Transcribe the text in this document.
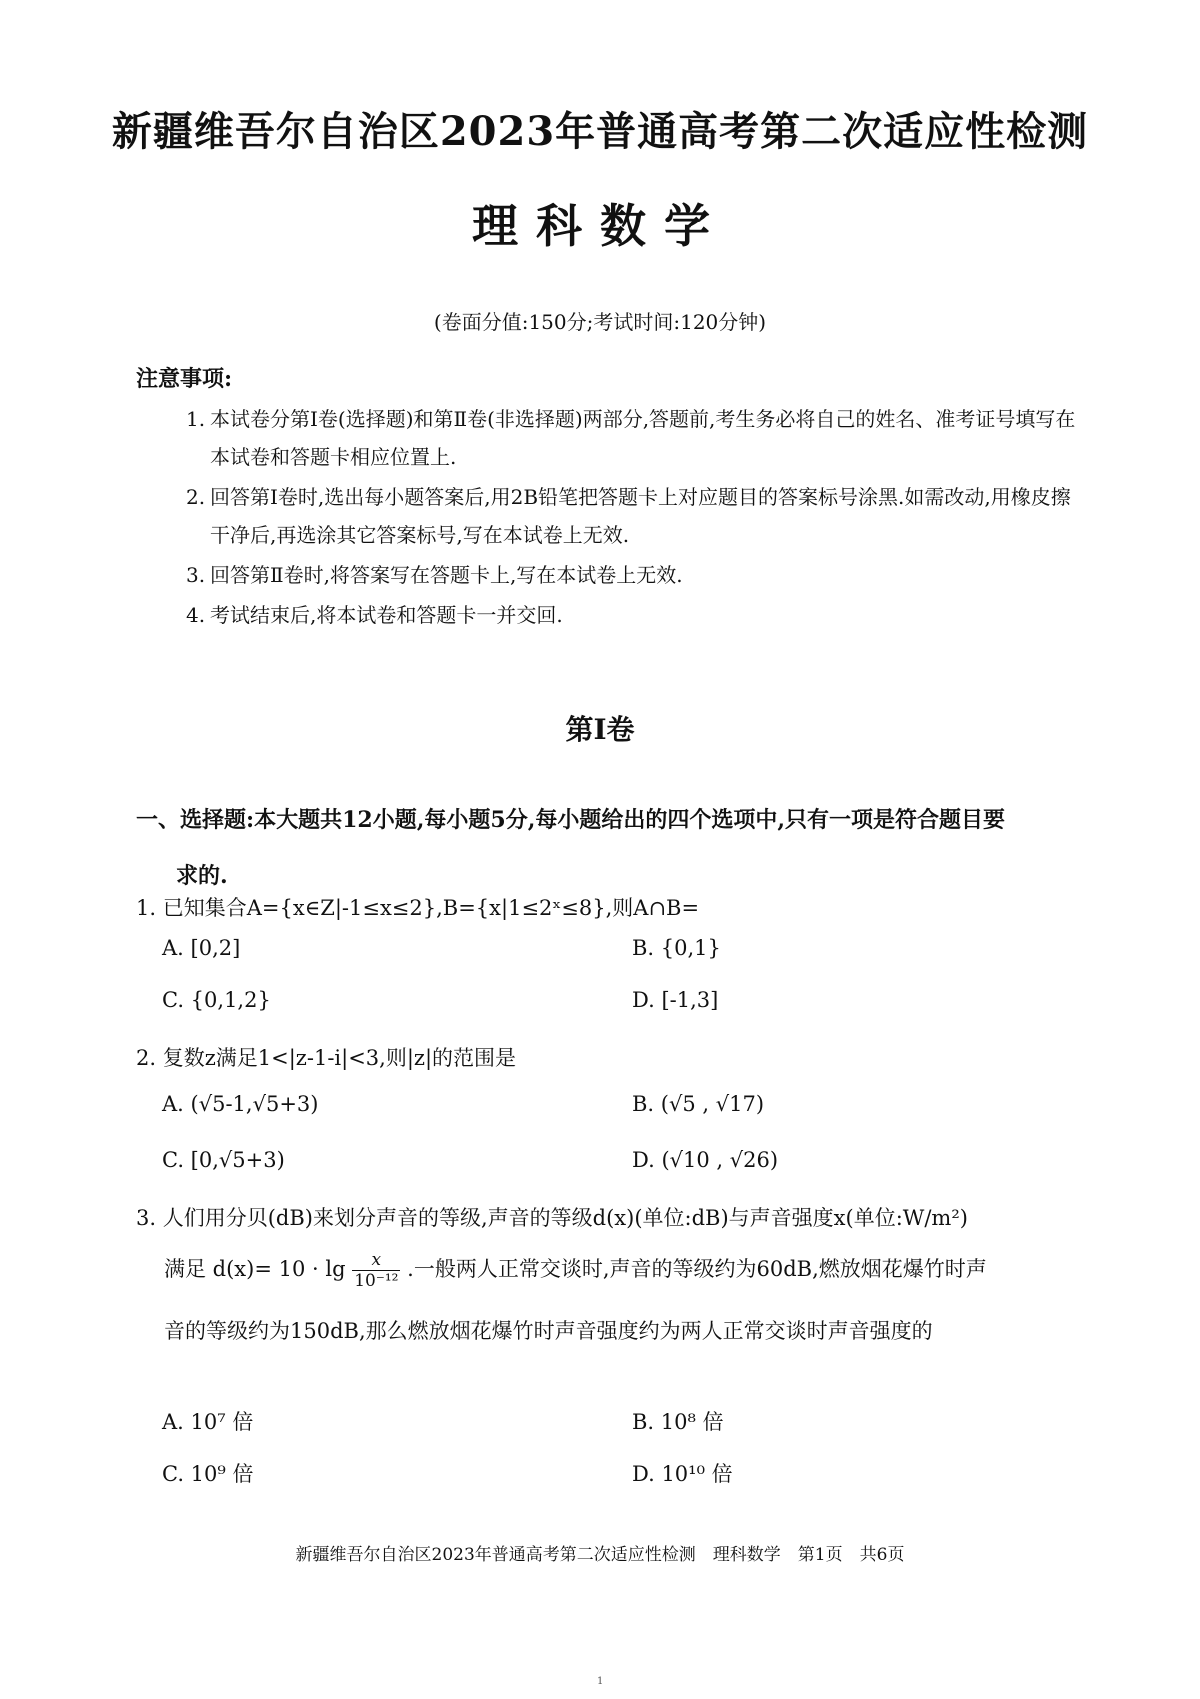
新疆维吾尔自治区2023年普通高考第二次适应性检测
理科数学
(卷面分值:150分;考试时间:120分钟)
注意事项:
1. 本试卷分第Ⅰ卷(选择题)和第Ⅱ卷(非选择题)两部分,答题前,考生务必将自己的姓名、准考证号填写在本试卷和答题卡相应位置上.
2. 回答第Ⅰ卷时,选出每小题答案后,用2B铅笔把答题卡上对应题目的答案标号涂黑.如需改动,用橡皮擦干净后,再选涂其它答案标号,写在本试卷上无效.
3. 回答第Ⅱ卷时,将答案写在答题卡上,写在本试卷上无效.
4. 考试结束后,将本试卷和答题卡一并交回.
第Ⅰ卷
一、选择题:本大题共12小题,每小题5分,每小题给出的四个选项中,只有一项是符合题目要
求的.
1. 已知集合A={x∈Z|-1≤x≤2},B={x|1≤2ˣ≤8},则A∩B=
A. [0,2]	B. {0,1}
C. {0,1,2}	D. [-1,3]
2. 复数z满足1<|z-1-i|<3,则|z|的范围是
A. (√5-1,√5+3)	B. (√5 , √17)
C. [0,√5+3)	D. (√10 , √26)
3. 人们用分贝(dB)来划分声音的等级,声音的等级d(x)(单位:dB)与声音强度x(单位:W/m²)
满足 $d(x)= 10 \cdot \lg \frac{x}{\text{10⁻¹²}}$ .一般两人正常交谈时,声音的等级约为60dB,燃放烟花爆竹时声
音的等级约为150dB,那么燃放烟花爆竹时声音强度约为两人正常交谈时声音强度的
A. 10⁷ 倍	B. 10⁸ 倍
C. 10⁹ 倍	D. 10¹⁰ 倍
新疆维吾尔自治区2023年普通高考第二次适应性检测　理科数学　第1页　共6页
1
